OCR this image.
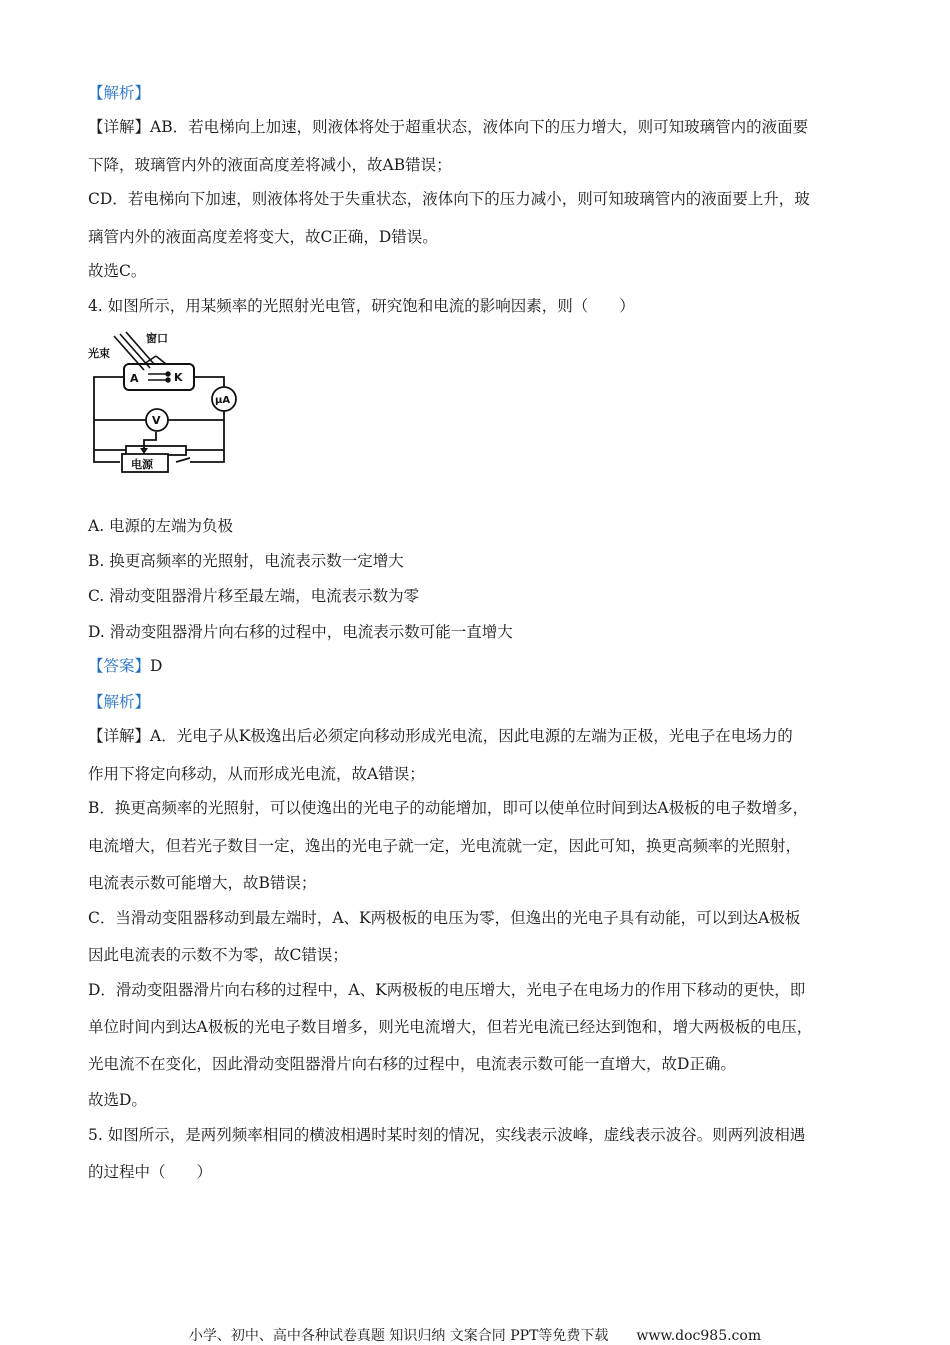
【解析】
【详解】AB．若电梯向上加速，则液体将处于超重状态，液体向下的压力增大，则可知玻璃管内的液面要
下降，玻璃管内外的液面高度差将减小，故AB错误；
CD．若电梯向下加速，则液体将处于失重状态，液体向下的压力减小，则可知玻璃管内的液面要上升，玻
璃管内外的液面高度差将变大，故C正确，D错误。
故选C。
4. 如图所示，用某频率的光照射光电管，研究饱和电流的影响因素，则（　　）
光束
窗口
A	K
V
μA
电源
A. 电源的左端为负极
B. 换更高频率的光照射，电流表示数一定增大
C. 滑动变阻器滑片移至最左端，电流表示数为零
D. 滑动变阻器滑片向右移的过程中，电流表示数可能一直增大
【答案】D
【解析】
【详解】A．光电子从K极逸出后必须定向移动形成光电流，因此电源的左端为正极，光电子在电场力的
作用下将定向移动，从而形成光电流，故A错误；
B．换更高频率的光照射，可以使逸出的光电子的动能增加，即可以使单位时间到达A极板的电子数增多，
电流增大，但若光子数目一定，逸出的光电子就一定，光电流就一定，因此可知，换更高频率的光照射，
电流表示数可能增大，故B错误；
C．当滑动变阻器移动到最左端时，A、K两极板的电压为零，但逸出的光电子具有动能，可以到达A极板
因此电流表的示数不为零，故C错误；
D．滑动变阻器滑片向右移的过程中，A、K两极板的电压增大，光电子在电场力的作用下移动的更快，即
单位时间内到达A极板的光电子数目增多，则光电流增大，但若光电流已经达到饱和，增大两极板的电压，
光电流不在变化，因此滑动变阻器滑片向右移的过程中，电流表示数可能一直增大，故D正确。
故选D。
5. 如图所示，是两列频率相同的横波相遇时某时刻的情况，实线表示波峰，虚线表示波谷。则两列波相遇
的过程中（　　）
小学、初中、高中各种试卷真题 知识归纳 文案合同 PPT等免费下载　　www.doc985.com
